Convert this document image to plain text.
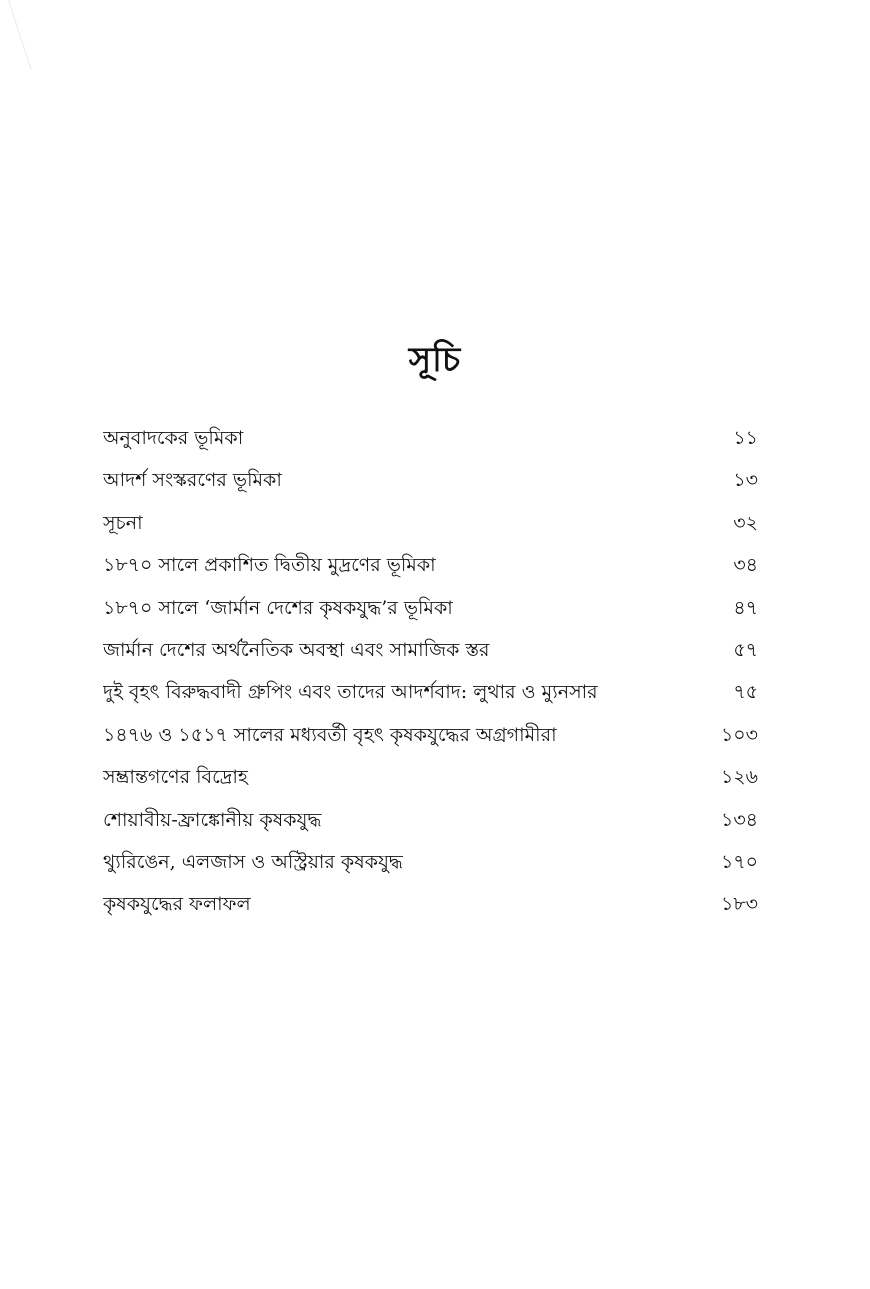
সূচি
অনুবাদকের ভূমিকা	১১
আদর্শ সংস্করণের ভূমিকা	১৩
সূচনা	৩২
১৮৭০ সালে প্রকাশিত দ্বিতীয় মুদ্রণের ভূমিকা	৩৪
১৮৭০ সালে ‘জার্মান দেশের কৃষকযুদ্ধ’র ভূমিকা	৪৭
জার্মান দেশের অর্থনৈতিক অবস্থা এবং সামাজিক স্তর	৫৭
দুই বৃহৎ বিরুদ্ধবাদী গ্রুপিং এবং তাদের আদর্শবাদ: লুথার ও ম্যুনসার	৭৫
১৪৭৬ ও ১৫১৭ সালের মধ্যবর্তী বৃহৎ কৃষকযুদ্ধের অগ্রগামীরা	১০৩
সম্ভ্রান্তগণের বিদ্রোহ	১২৬
শোয়াবীয়-ফ্রাঙ্কোনীয় কৃষকযুদ্ধ	১৩৪
থ্যুরিঙেন, এলজাস ও অস্ট্রিয়ার কৃষকযুদ্ধ	১৭০
কৃষকযুদ্ধের ফলাফল	১৮৩
